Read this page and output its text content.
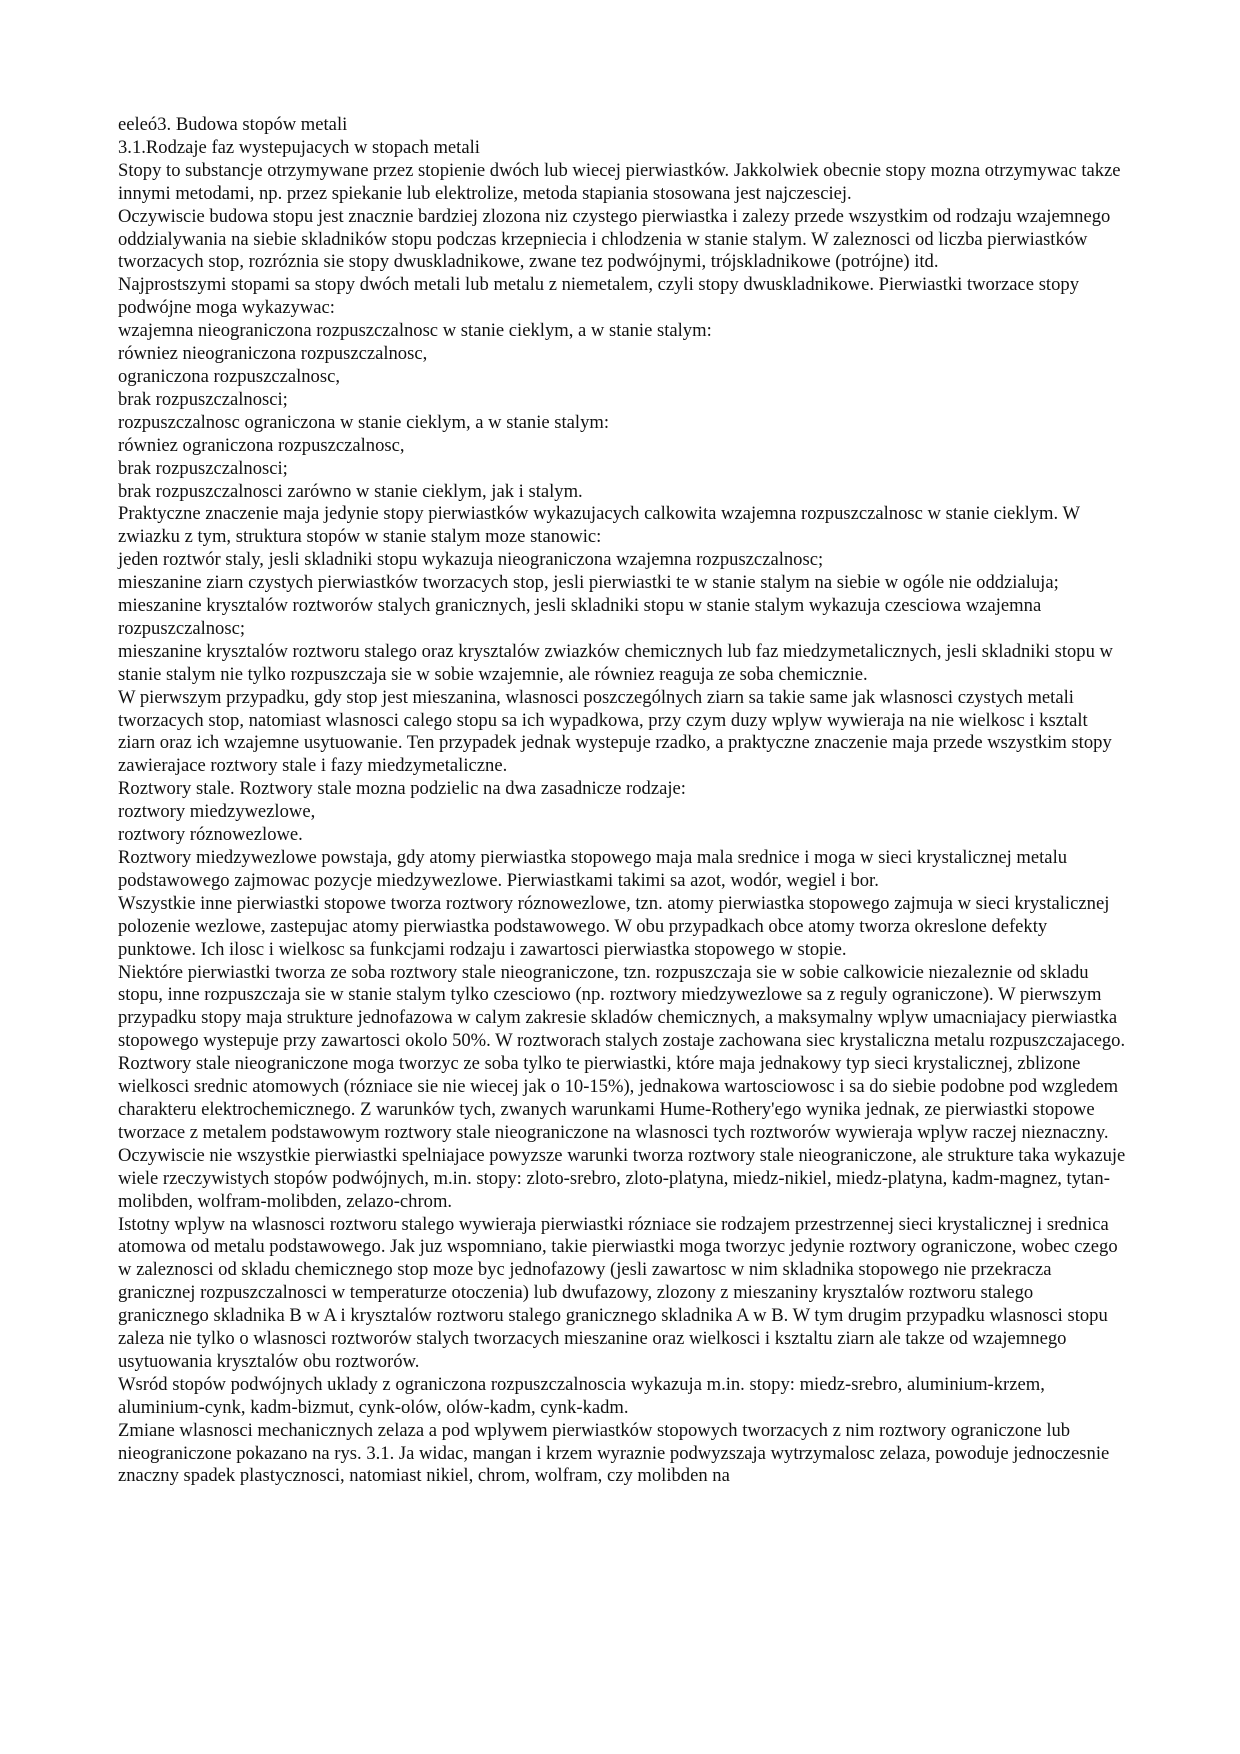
eeleó3. Budowa stopów metali

3.1.Rodzaje faz wystepujacych w stopach metali

Stopy to substancje otrzymywane przez stopienie dwóch lub wiecej pierwiastków. Jakkolwiek obecnie stopy mozna otrzymywac takze innymi metodami, np. przez spiekanie lub elektrolize, metoda stapiania stosowana jest najczesciej.

Oczywiscie budowa stopu jest znacznie bardziej zlozona niz czystego pierwiastka i zalezy przede wszystkim od rodzaju wzajemnego oddzialywania na siebie skladników stopu podczas krzepniecia i chlodzenia w stanie stalym. W zaleznosci od liczba pierwiastków tworzacych stop, rozróznia sie stopy dwuskladnikowe, zwane tez podwójnymi, trójskladnikowe (potrójne) itd.

Najprostszymi stopami sa stopy dwóch metali lub metalu z niemetalem, czyli stopy dwuskladnikowe. Pierwiastki tworzace stopy podwójne moga wykazywac:

wzajemna nieograniczona rozpuszczalnosc w stanie cieklym, a w stanie stalym:

równiez nieograniczona rozpuszczalnosc,

ograniczona rozpuszczalnosc,

brak rozpuszczalnosci;

rozpuszczalnosc ograniczona w stanie cieklym, a w stanie stalym:

równiez ograniczona rozpuszczalnosc,

brak rozpuszczalnosci;

brak rozpuszczalnosci zarówno w stanie cieklym, jak i stalym.

Praktyczne znaczenie maja jedynie stopy pierwiastków wykazujacych calkowita wzajemna rozpuszczalnosc w stanie cieklym. W zwiazku z tym, struktura stopów w stanie stalym moze stanowic:

jeden roztwór staly, jesli skladniki stopu wykazuja nieograniczona wzajemna rozpuszczalnosc;

mieszanine ziarn czystych pierwiastków tworzacych stop, jesli pierwiastki te w stanie stalym na siebie w ogóle nie oddzialuja;

mieszanine krysztalów roztworów stalych granicznych, jesli skladniki stopu w stanie stalym wykazuja czesciowa wzajemna rozpuszczalnosc;

mieszanine krysztalów roztworu stalego oraz krysztalów zwiazków chemicznych lub faz miedzymetalicznych, jesli skladniki stopu w stanie stalym nie tylko rozpuszczaja sie w sobie wzajemnie, ale równiez reaguja ze soba chemicznie.

W pierwszym przypadku, gdy stop jest mieszanina, wlasnosci poszczególnych ziarn sa takie same jak wlasnosci czystych metali tworzacych stop, natomiast wlasnosci calego stopu sa ich wypadkowa, przy czym duzy wplyw wywieraja na nie wielkosc i ksztalt ziarn oraz ich wzajemne usytuowanie. Ten przypadek jednak wystepuje rzadko, a praktyczne znaczenie maja przede wszystkim stopy zawierajace roztwory stale i fazy miedzymetaliczne.

Roztwory stale. Roztwory stale mozna podzielic na dwa zasadnicze rodzaje:

roztwory miedzywezlowe,

roztwory róznowezlowe.

Roztwory miedzywezlowe powstaja, gdy atomy pierwiastka stopowego maja mala srednice i moga w sieci krystalicznej metalu podstawowego zajmowac pozycje miedzywezlowe. Pierwiastkami takimi sa azot, wodór, wegiel i bor.

Wszystkie inne pierwiastki stopowe tworza roztwory róznowezlowe, tzn. atomy pierwiastka stopowego zajmuja w sieci krystalicznej polozenie wezlowe, zastepujac atomy pierwiastka podstawowego. W obu przypadkach obce atomy tworza okreslone defekty punktowe. Ich ilosc i wielkosc sa funkcjami rodzaju i zawartosci pierwiastka stopowego w stopie.

Niektóre pierwiastki tworza ze soba roztwory stale nieograniczone, tzn. rozpuszczaja sie w sobie calkowicie niezaleznie od skladu stopu, inne rozpuszczaja sie w stanie stalym tylko czesciowo (np. roztwory miedzywezlowe sa z reguly ograniczone). W pierwszym przypadku stopy maja strukture jednofazowa w calym zakresie skladów chemicznych, a maksymalny wplyw umacniajacy pierwiastka stopowego wystepuje przy zawartosci okolo 50%. W roztworach stalych zostaje zachowana siec krystaliczna metalu rozpuszczajacego.

Roztwory stale nieograniczone moga tworzyc ze soba tylko te pierwiastki, które maja jednakowy typ sieci krystalicznej, zblizone wielkosci srednic atomowych (rózniace sie nie wiecej jak o 10-15%), jednakowa wartosciowosc i sa do siebie podobne pod wzgledem charakteru elektrochemicznego. Z warunków tych, zwanych warunkami Hume-Rothery'ego wynika jednak, ze pierwiastki stopowe tworzace z metalem podstawowym roztwory stale nieograniczone na wlasnosci tych roztworów wywieraja wplyw raczej nieznaczny.

Oczywiscie nie wszystkie pierwiastki spelniajace powyzsze warunki tworza roztwory stale nieograniczone, ale strukture taka wykazuje wiele rzeczywistych stopów podwójnych, m.in. stopy: zloto-srebro, zloto-platyna, miedz-nikiel, miedz-platyna, kadm-magnez, tytan-molibden, wolfram-molibden, zelazo-chrom.

Istotny wplyw na wlasnosci roztworu stalego wywieraja pierwiastki rózniace sie rodzajem przestrzennej sieci krystalicznej i srednica atomowa od metalu podstawowego. Jak juz wspomniano, takie pierwiastki moga tworzyc jedynie roztwory ograniczone, wobec czego w zaleznosci od skladu chemicznego stop moze byc jednofazowy (jesli zawartosc w nim skladnika stopowego nie przekracza granicznej rozpuszczalnosci w temperaturze otoczenia) lub dwufazowy, zlozony z mieszaniny krysztalów roztworu stalego granicznego skladnika B w A i krysztalów roztworu stalego granicznego skladnika A w B. W tym drugim przypadku wlasnosci stopu zaleza nie tylko o wlasnosci roztworów stalych tworzacych mieszanine oraz wielkosci i ksztaltu ziarn ale takze od wzajemnego usytuowania krysztalów obu roztworów.

Wsród stopów podwójnych uklady z ograniczona rozpuszczalnoscia wykazuja m.in. stopy: miedz-srebro, aluminium-krzem, aluminium-cynk, kadm-bizmut, cynk-olów, olów-kadm, cynk-kadm.

Zmiane wlasnosci mechanicznych zelaza a pod wplywem pierwiastków stopowych tworzacych z nim roztwory ograniczone lub nieograniczone pokazano na rys. 3.1. Ja widac, mangan i krzem wyraznie podwyzszaja wytrzymalosc zelaza, powoduje jednoczesnie znaczny spadek plastycznosci, natomiast nikiel, chrom, wolfram, czy molibden na
